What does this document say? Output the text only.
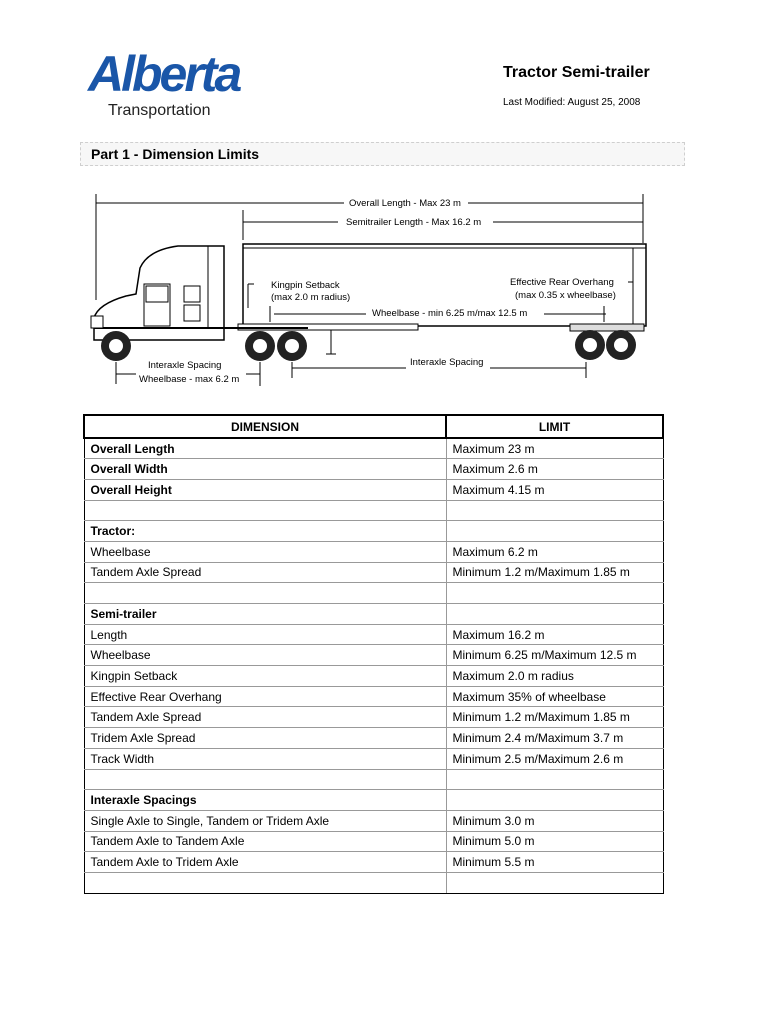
Alberta
Transportation
Tractor Semi-trailer
Last Modified: August 25, 2008
Part 1 - Dimension Limits
Overall Length - Max 23 m
Semitrailer Length - Max 16.2 m
Kingpin Setback
(max 2.0 m radius)
Effective Rear Overhang
(max 0.35 x wheelbase)
Wheelbase - min 6.25 m/max 12.5 m
Interaxle Spacing	Interaxle Spacing
Wheelbase - max 6.2 m
DIMENSION	LIMIT
Overall Length	Maximum 23 m
Overall Width	Maximum 2.6 m
Overall Height	Maximum 4.15 m

Tractor:	
Wheelbase	Maximum 6.2 m
Tandem Axle Spread	Minimum 1.2 m/Maximum 1.85 m

Semi-trailer	
Length	Maximum 16.2 m
Wheelbase	Minimum 6.25 m/Maximum 12.5 m
Kingpin Setback	Maximum 2.0 m radius
Effective Rear Overhang	Maximum 35% of wheelbase
Tandem Axle Spread	Minimum 1.2 m/Maximum 1.85 m
Tridem Axle Spread	Minimum 2.4 m/Maximum 3.7 m
Track Width	Minimum 2.5 m/Maximum 2.6 m

Interaxle Spacings	
Single Axle to Single, Tandem or Tridem Axle	Minimum 3.0 m
Tandem Axle to Tandem Axle	Minimum 5.0 m
Tandem Axle to Tridem Axle	Minimum 5.5 m
